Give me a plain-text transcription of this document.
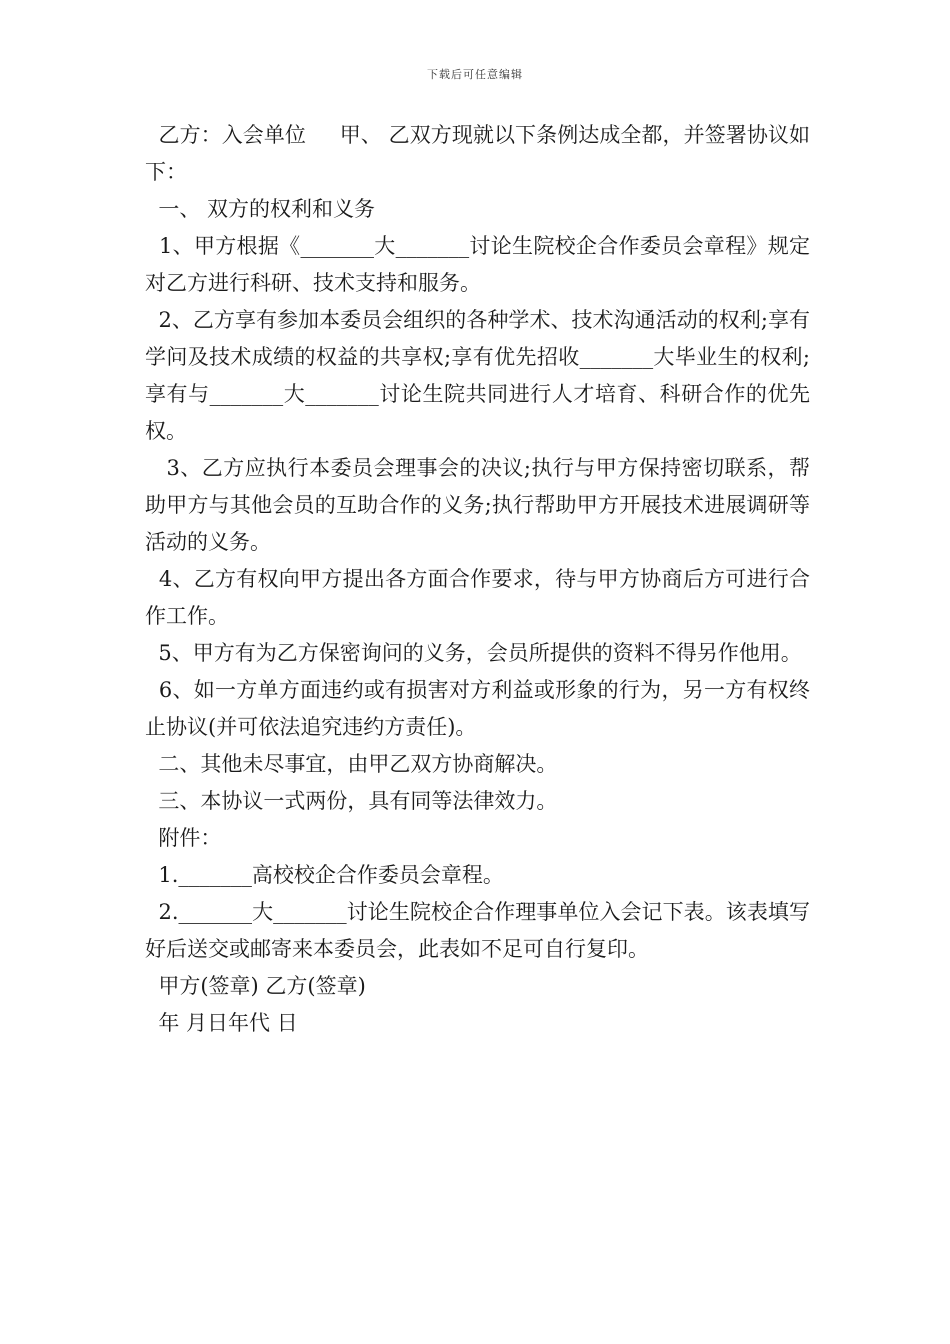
下载后可任意编辑

乙方：入会单位     甲、 乙双方现就以下条例达成全都，并签署协议如下：

一、 双方的权利和义务

1、甲方根据《_______大_______讨论生院校企合作委员会章程》规定对乙方进行科研、技术支持和服务。

2、乙方享有参加本委员会组织的各种学术、技术沟通活动的权利;享有学问及技术成绩的权益的共享权;享有优先招收_______大毕业生的权利;享有与_______大_______讨论生院共同进行人才培育、科研合作的优先权。

3、乙方应执行本委员会理事会的决议;执行与甲方保持密切联系，帮助甲方与其他会员的互助合作的义务;执行帮助甲方开展技术进展调研等活动的义务。

4、乙方有权向甲方提出各方面合作要求，待与甲方协商后方可进行合作工作。

5、甲方有为乙方保密询问的义务，会员所提供的资料不得另作他用。

6、如一方单方面违约或有损害对方利益或形象的行为，另一方有权终止协议(并可依法追究违约方责任)。

二、其他未尽事宜，由甲乙双方协商解决。

三、本协议一式两份，具有同等法律效力。

附件：

1._______高校校企合作委员会章程。

2._______大_______讨论生院校企合作理事单位入会记下表。该表填写好后送交或邮寄来本委员会，此表如不足可自行复印。

甲方(签章) 乙方(签章)

年 月日年代 日
